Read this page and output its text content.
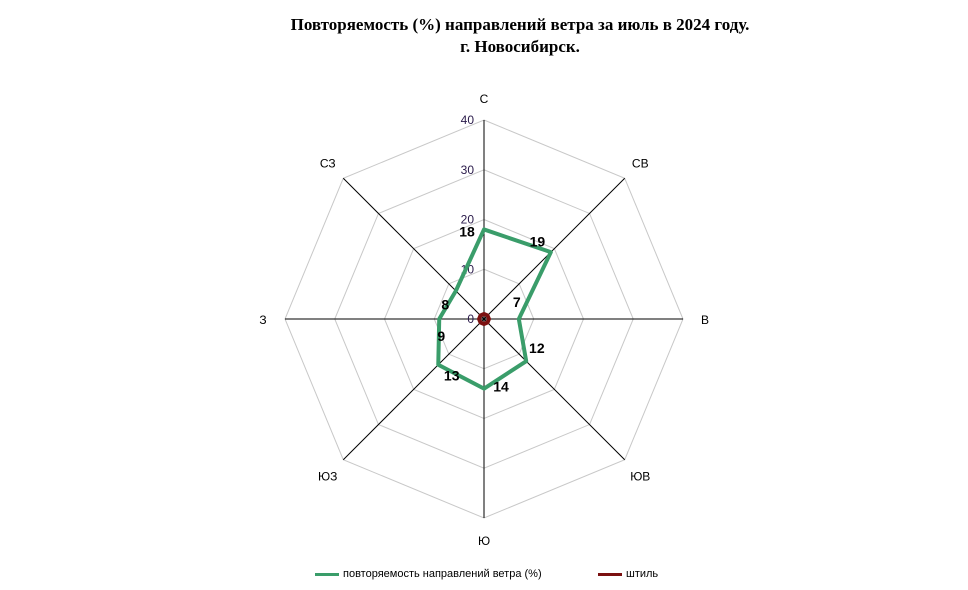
Повторяемость (%) направлений ветра за июль в 2024 году.
г. Новосибирск.
0
10
20
30
40
С
СВ
В
ЮВ
Ю
ЮЗ
З
СЗ
18
19
7
12
14
13
9
8
повторяемость направлений ветра (%)	штиль
